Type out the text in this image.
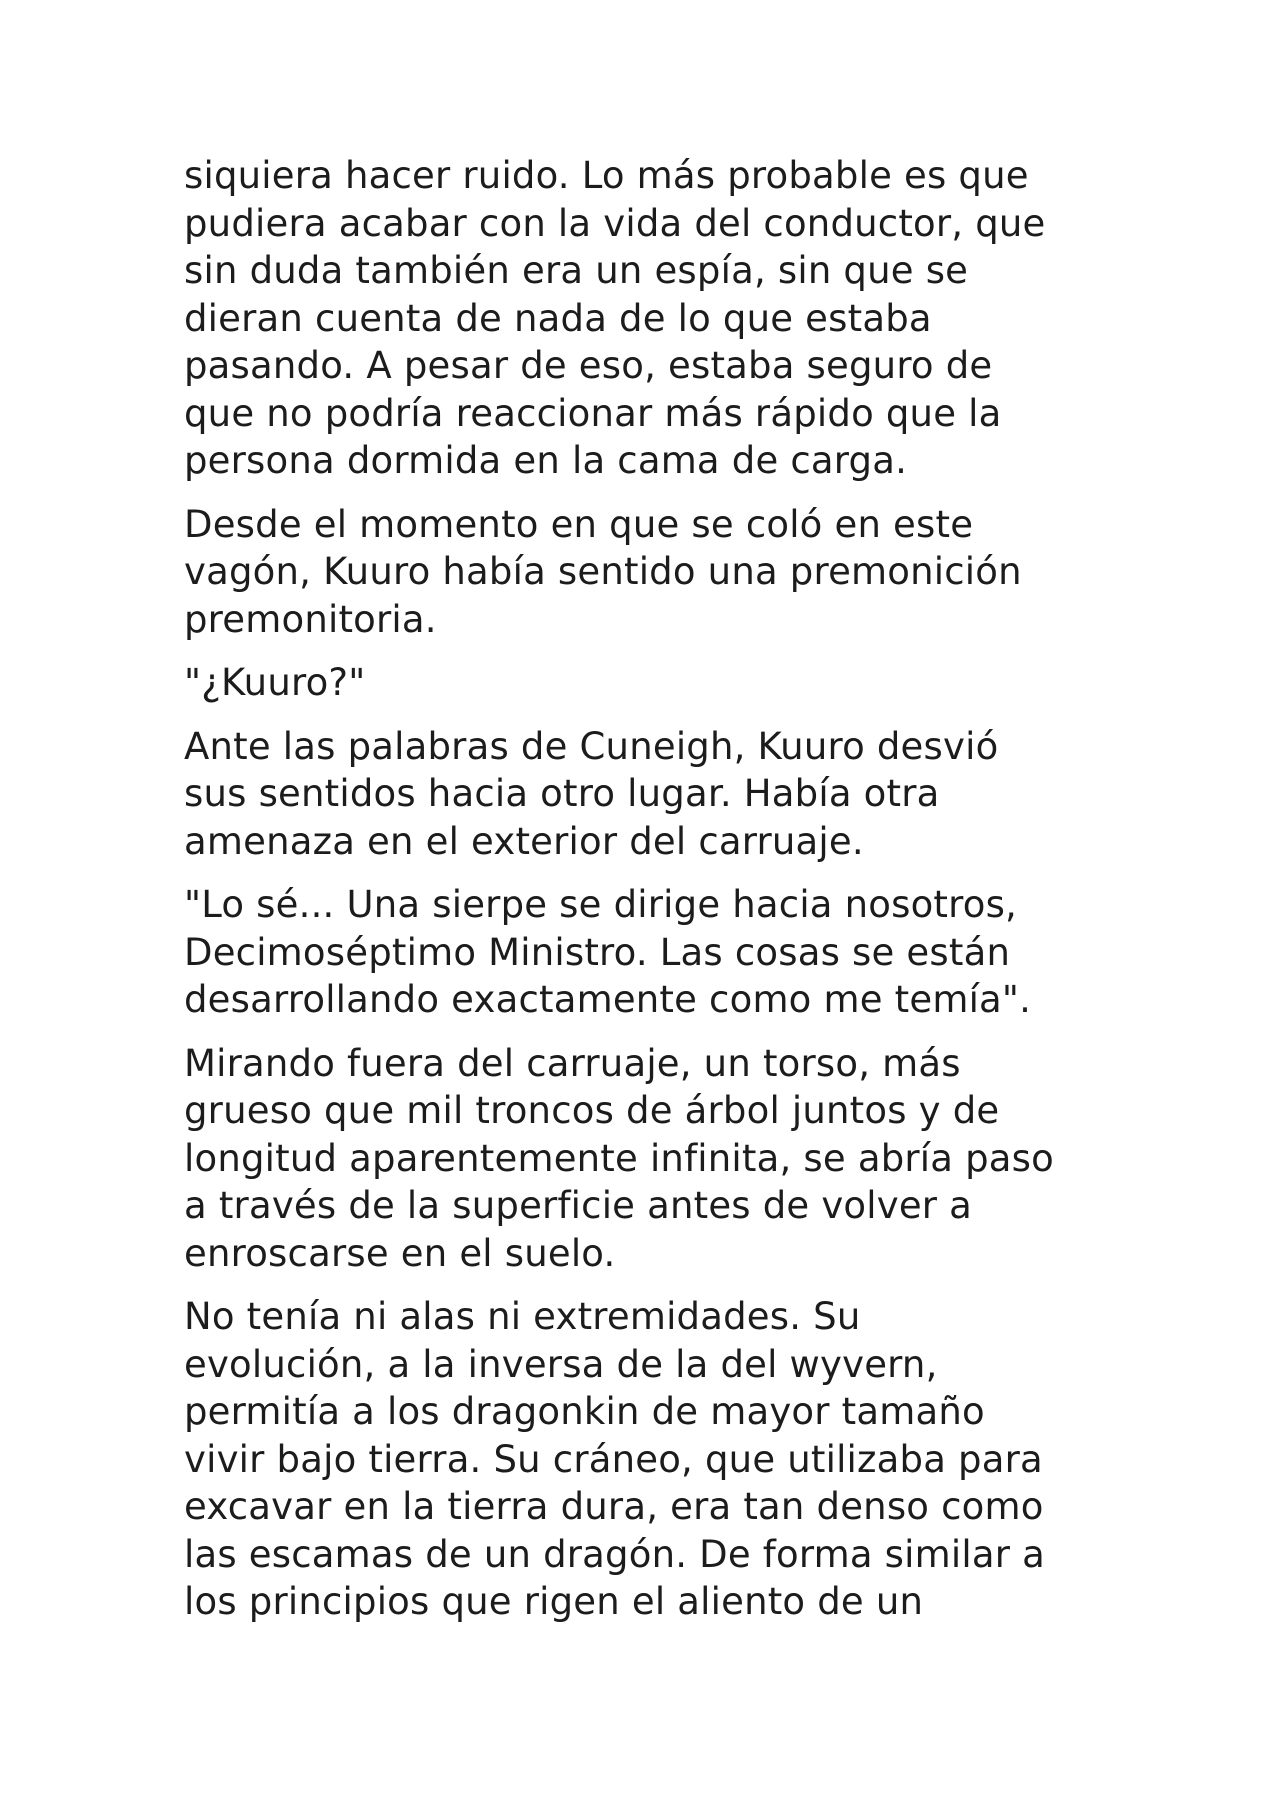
siquiera hacer ruido. Lo más probable es que
pudiera acabar con la vida del conductor, que
sin duda también era un espía, sin que se
dieran cuenta de nada de lo que estaba
pasando. A pesar de eso, estaba seguro de
que no podría reaccionar más rápido que la
persona dormida en la cama de carga.

Desde el momento en que se coló en este
vagón, Kuuro había sentido una premonición
premonitoria.

"¿Kuuro?"

Ante las palabras de Cuneigh, Kuuro desvió
sus sentidos hacia otro lugar. Había otra
amenaza en el exterior del carruaje.

"Lo sé... Una sierpe se dirige hacia nosotros,
Decimoséptimo Ministro. Las cosas se están
desarrollando exactamente como me temía".

Mirando fuera del carruaje, un torso, más
grueso que mil troncos de árbol juntos y de
longitud aparentemente infinita, se abría paso
a través de la superficie antes de volver a
enroscarse en el suelo.

No tenía ni alas ni extremidades. Su
evolución, a la inversa de la del wyvern,
permitía a los dragonkin de mayor tamaño
vivir bajo tierra. Su cráneo, que utilizaba para
excavar en la tierra dura, era tan denso como
las escamas de un dragón. De forma similar a
los principios que rigen el aliento de un
